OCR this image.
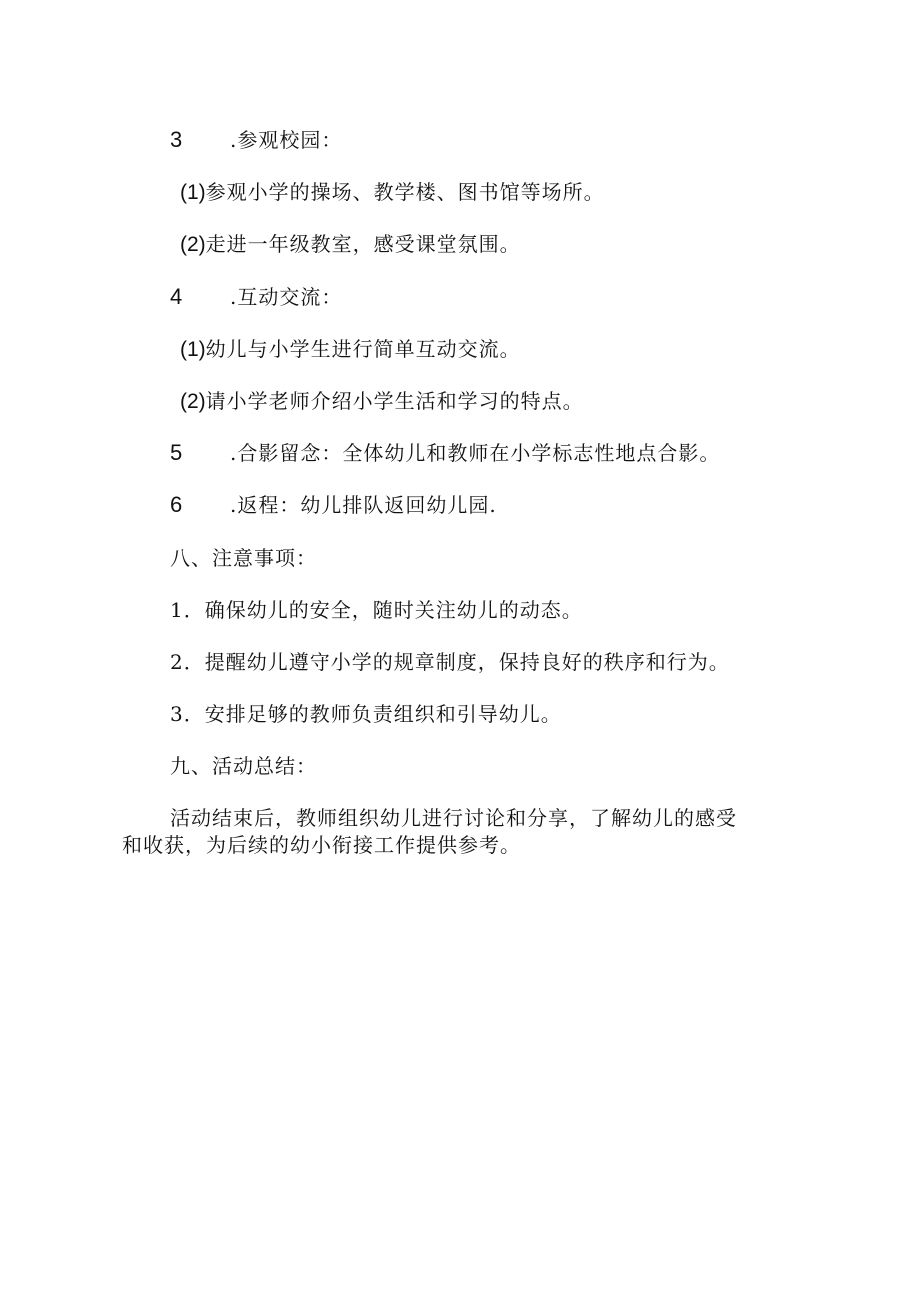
3 .参观校园：
(1)参观小学的操场、教学楼、图书馆等场所。
(2)走进一年级教室，感受课堂氛围。
4 .互动交流：
(1)幼儿与小学生进行简单互动交流。
(2)请小学老师介绍小学生活和学习的特点。
5 .合影留念：全体幼儿和教师在小学标志性地点合影。
6 .返程：幼儿排队返回幼儿园.
八、注意事项：
1．确保幼儿的安全，随时关注幼儿的动态。
2．提醒幼儿遵守小学的规章制度，保持良好的秩序和行为。
3．安排足够的教师负责组织和引导幼儿。
九、活动总结：
活动结束后，教师组织幼儿进行讨论和分享，了解幼儿的感受
和收获，为后续的幼小衔接工作提供参考。
